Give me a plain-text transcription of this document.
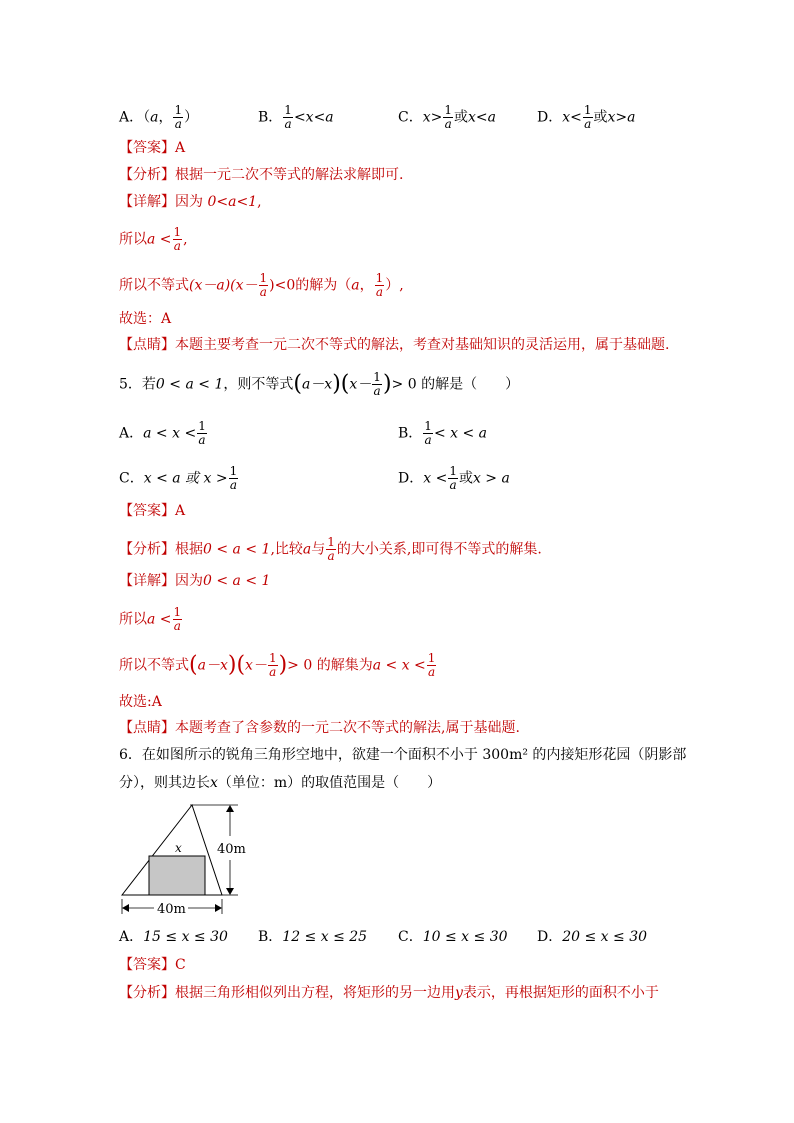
A．（a， $\frac{1}{a}$ ）	B． $\frac{1}{a} <x<a$	C．$x> \frac{1}{a}$ 或x<a	D．$x< \frac{1}{a}$ 或x>a
【答案】A
【分析】根据一元二次不等式的解法求解即可.
【详解】因为 0<a<1,
所以$a < \frac{1}{a}$ ,
所以不等式$(x-a)(x- \frac{1}{a} )<0$的解为（a， $\frac{1}{a}$ ）,
故选：A
【点睛】本题主要考查一元二次不等式的解法，考查对基础知识的灵活运用，属于基础题.
5．若0 < a < 1，则不等式$(a-x)(x- \frac{1}{a}$ )> 0 的解是（　　）
A．$a < x < \frac{1}{a}$	B． $\frac{1}{a} < x < a$
C．x < a 或 $x > \frac{1}{a}$	D．$x < \frac{1}{a}$ 或x > a
【答案】A
【分析】根据0 < a < 1,比较a与 $\frac{1}{a}$ 的大小关系,即可得不等式的解集.
【详解】因为0 < a < 1
所以$a < \frac{1}{a}$
所以不等式$(a-x)(x- \frac{1}{a}$ )> 0 的解集为$a < x < \frac{1}{a}$
故选:A
【点睛】本题考查了含参数的一元二次不等式的解法,属于基础题.
6．在如图所示的锐角三角形空地中，欲建一个面积不小于 300m² 的内接矩形花园（阴影部
分），则其边长x（单位：m）的取值范围是（　　）
x	40m
40m
A．15 ≤ x ≤ 30 B．12 ≤ x ≤ 25 C．10 ≤ x ≤ 30 D．20 ≤ x ≤ 30
【答案】C
【分析】根据三角形相似列出方程，将矩形的另一边用y表示，再根据矩形的面积不小于
